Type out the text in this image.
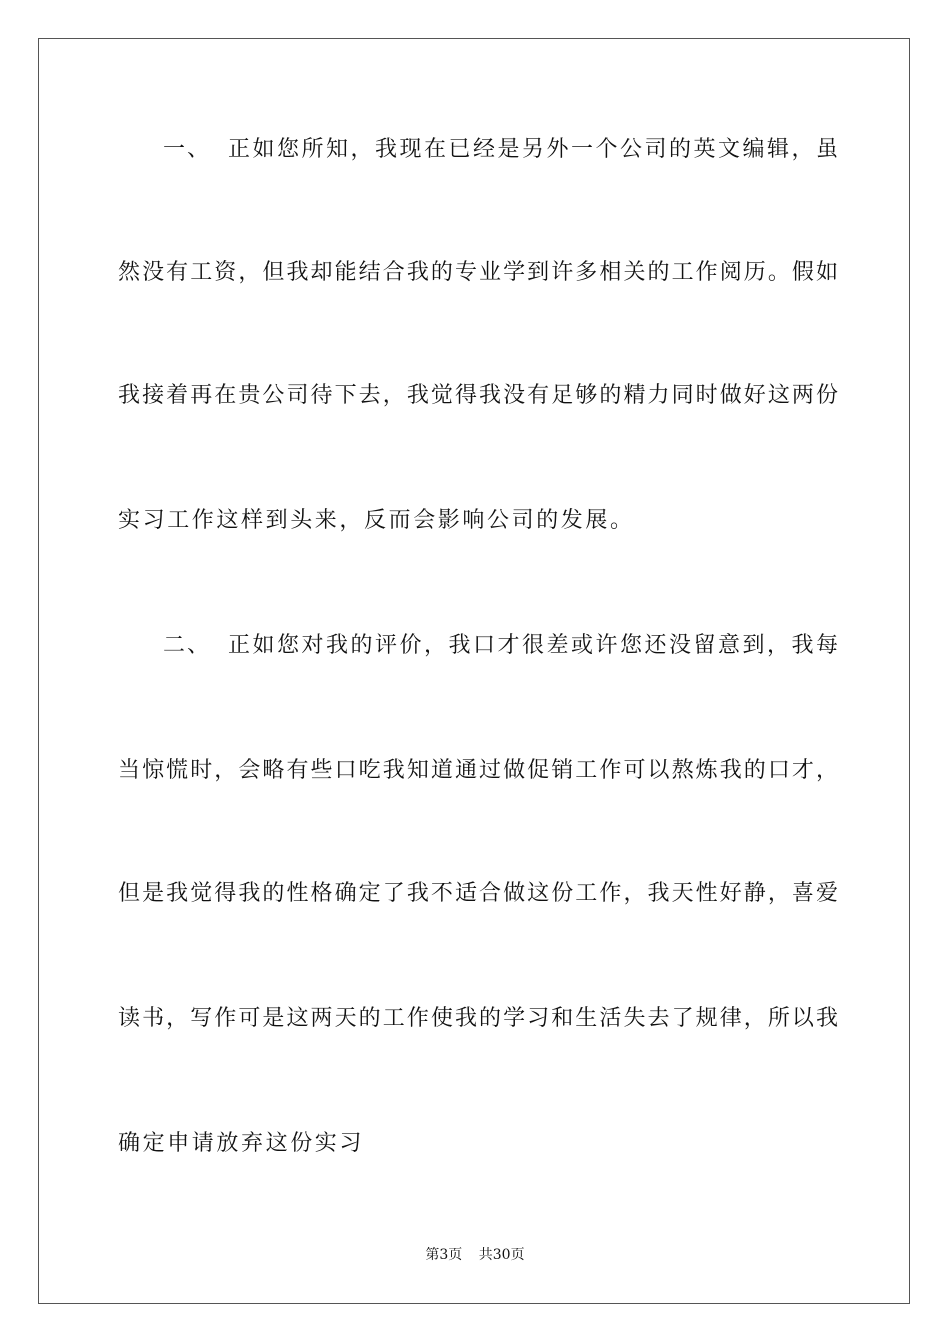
一、 正如您所知，我现在已经是另外一个公司的英文编辑，虽
然没有工资，但我却能结合我的专业学到许多相关的工作阅历。假如
我接着再在贵公司待下去，我觉得我没有足够的精力同时做好这两份
实习工作这样到头来，反而会影响公司的发展。
二、 正如您对我的评价，我口才很差或许您还没留意到，我每
当惊慌时，会略有些口吃我知道通过做促销工作可以熬炼我的口才，
但是我觉得我的性格确定了我不适合做这份工作，我天性好静，喜爱
读书，写作可是这两天的工作使我的学习和生活失去了规律，所以我
确定申请放弃这份实习
第3页 共30页
